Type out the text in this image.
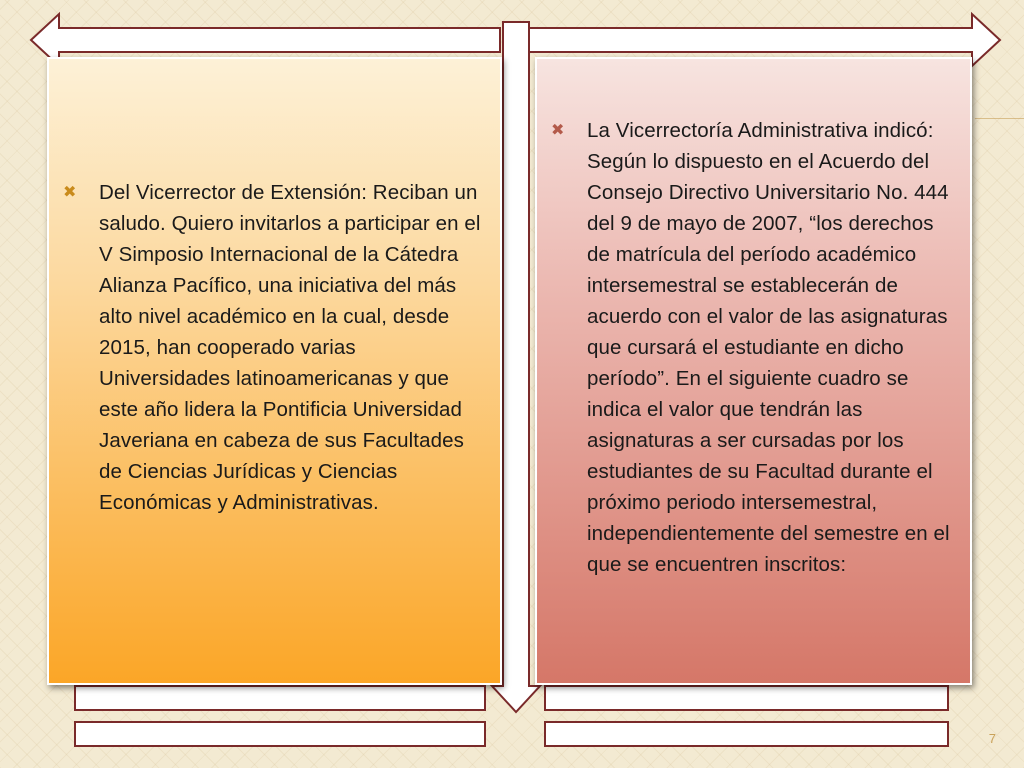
✖	Del Vicerrector de Extensión: Reciban un saludo. Quiero invitarlos a participar en el V Simposio Internacional de la Cátedra Alianza Pacífico, una iniciativa del más alto nivel académico en la cual, desde 2015, han cooperado varias Universidades latinoamericanas y que este año lidera la Pontificia Universidad Javeriana en cabeza de sus Facultades de Ciencias Jurídicas y Ciencias Económicas y Administrativas.
✖	La Vicerrectoría Administrativa indicó: Según lo dispuesto en el Acuerdo del Consejo Directivo Universitario No. 444 del 9 de mayo de 2007, “los derechos de matrícula del período académico intersemestral se establecerán de acuerdo con el valor de las asignaturas que cursará el estudiante en dicho período”. En el siguiente cuadro se indica el valor que tendrán las asignaturas a ser cursadas por los estudiantes de su Facultad durante el próximo periodo intersemestral, independientemente del semestre en el que se encuentren inscritos:
7
